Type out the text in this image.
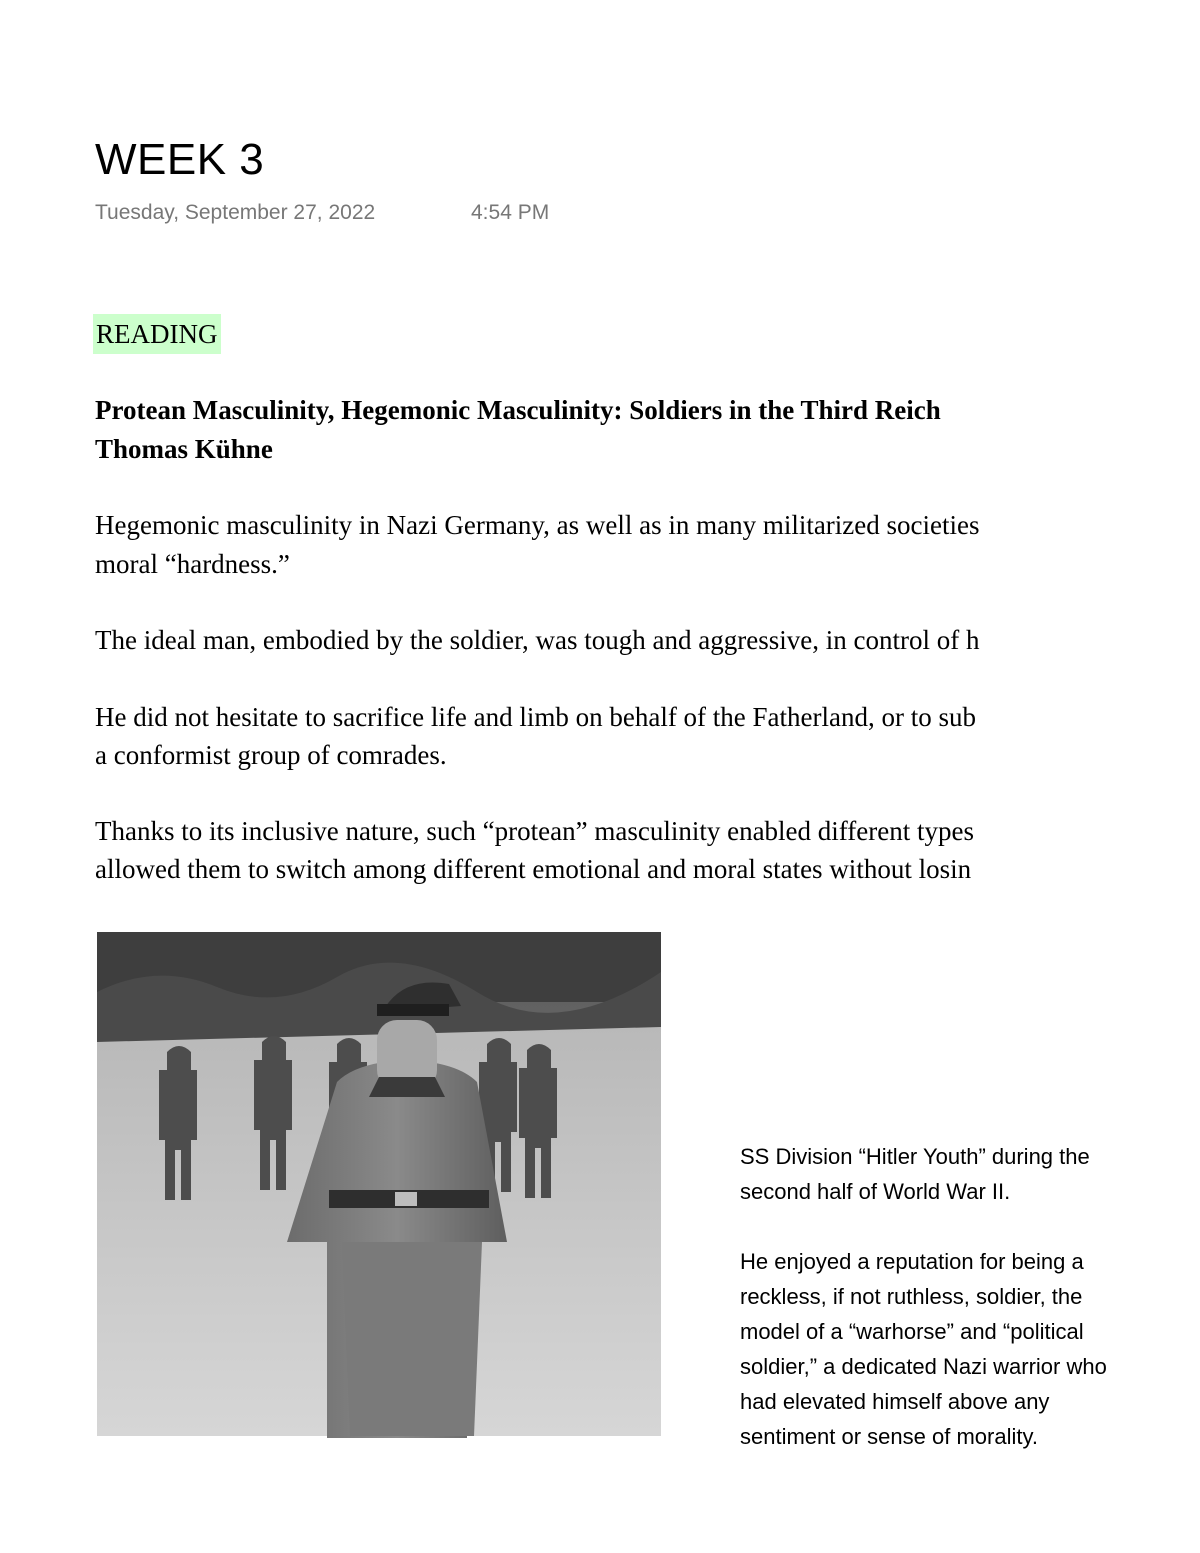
WEEK 3
Tuesday, September 27, 2022	4:54 PM
READING
Protean Masculinity, Hegemonic Masculinity: Soldiers in the Third Reich
Thomas Kühne
Hegemonic masculinity in Nazi Germany, as well as in many militarized societies
moral “hardness.”
The ideal man, embodied by the soldier, was tough and aggressive, in control of h
He did not hesitate to sacrifice life and limb on behalf of the Fatherland, or to sub
a conformist group of comrades.
Thanks to its inclusive nature, such “protean” masculinity enabled different types
allowed them to switch among different emotional and moral states without losin
SS Division “Hitler Youth” during the
second half of World War II.
He enjoyed a reputation for being a
reckless, if not ruthless, soldier, the
model of a “warhorse” and “political
soldier,” a dedicated Nazi warrior who
had elevated himself above any
sentiment or sense of morality.
